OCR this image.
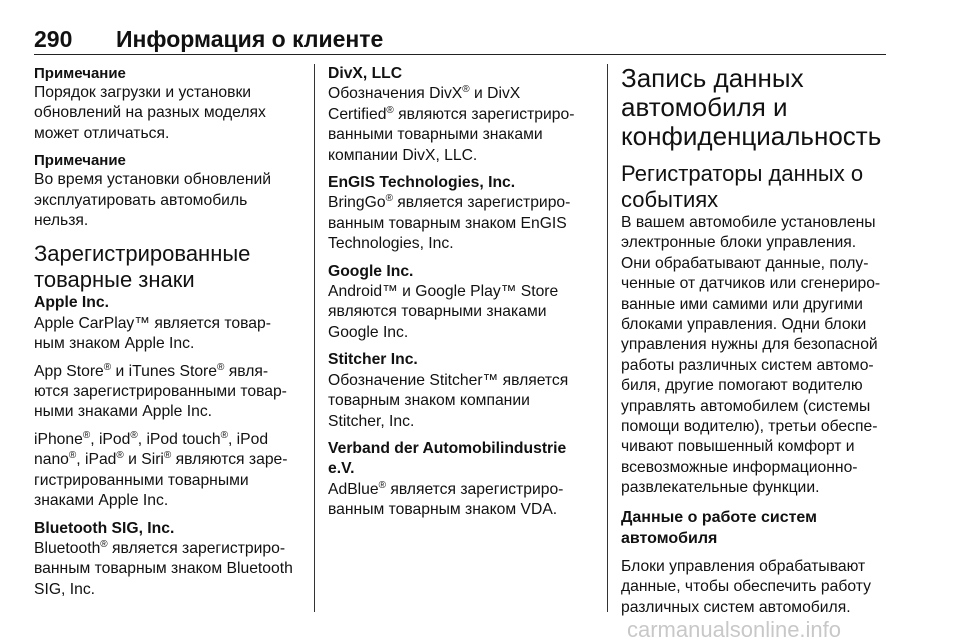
290 Информация о клиенте

Примечание

Порядок загрузки и установки

обновлений на разных моделях

может отличаться.

Примечание

Во время установки обновлений

эксплуатировать автомобиль

нельзя.

Зарегистрированные
товарные знаки

Apple Inc.

Apple CarPlay™ является товар-

ным знаком Apple Inc.

App Store® и iTunes Store® явля-

ются зарегистрированными товар-

ными знаками Apple Inc.

iPhone®, iPod®, iPod touch®, iPod

nano®, iPad® и Siri® являются заре-

гистрированными товарными

знаками Apple Inc.

Bluetooth SIG, Inc.

Bluetooth® является зарегистриро-

ванным товарным знаком Bluetooth

SIG, Inc.

DivX, LLC

Обозначения DivX® и DivX

Certified® являются зарегистриро-

ванными товарными знаками

компании DivX, LLC.

EnGIS Technologies, Inc.

BringGo® является зарегистриро-

ванным товарным знаком EnGIS

Technologies, Inc.

Google Inc.

Android™ и Google Play™ Store

являются товарными знаками

Google Inc.

Stitcher Inc.

Обозначение Stitcher™ является

товарным знаком компании

Stitcher, Inc.

Verband der Automobilindustrie e.V.

AdBlue® является зарегистриро-

ванным товарным знаком VDA.

Запись данных
автомобиля и
конфиденциальность
Регистраторы данных о
событиях

В вашем автомобиле установлены

электронные блоки управления.

Они обрабатывают данные, полу-

ченные от датчиков или сгенериро-

ванные ими самими или другими

блоками управления. Одни блоки

управления нужны для безопасной

работы различных систем автомо-

биля, другие помогают водителю

управлять автомобилем (системы

помощи водителю), третьи обеспе-

чивают повышенный комфорт и

всевозможные информационно-

развлекательные функции.

Данные о работе систем
автомобиля

Блоки управления обрабатывают

данные, чтобы обеспечить работу

различных систем автомобиля.

carmanualsonline.info
